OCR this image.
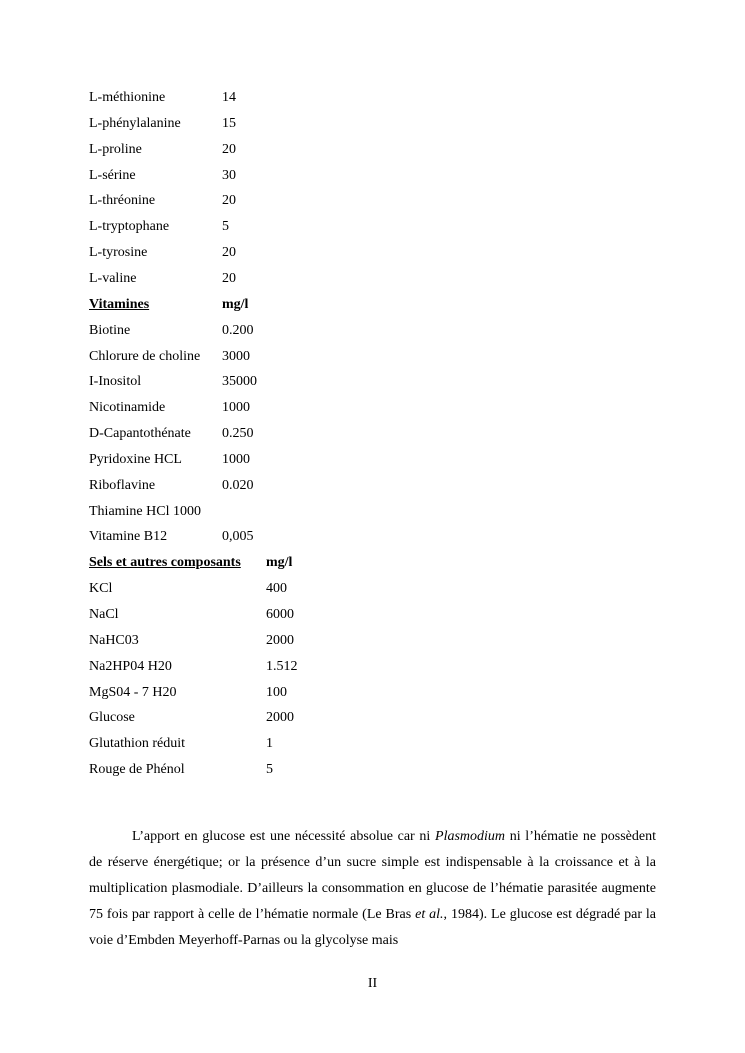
L-méthionine	14
L-phénylalanine	15
L-proline	20
L-sérine	30
L-thréonine	20
L-tryptophane	5
L-tyrosine	20
L-valine	20
Vitamines	mg/l
Biotine	0.200
Chlorure de choline 3000
I-Inositol	35000
Nicotinamide	1000
D-Capantothénate 0.250
Pyridoxine HCL	1000
Riboflavine	0.020
Thiamine HCl 1000
Vitamine B12	0,005
Sels et autres composants mg/l
KCl	400
NaCl	6000
NaHC03	2000
Na2HP04 H20	1.512
MgS04 - 7 H20	100
Glucose	2000
Glutathion réduit	1
Rouge de Phénol	5
L’apport en glucose est une nécessité absolue car ni Plasmodium ni l’hématie ne possèdent de réserve énergétique; or la présence d’un sucre simple est indispensable à la croissance et à la multiplication plasmodiale. D’ailleurs la consommation en glucose de l’hématie parasitée augmente 75 fois par rapport à celle de l’hématie normale (Le Bras et al., 1984). Le glucose est dégradé par la voie d’Embden Meyerhoff-Parnas ou la glycolyse mais
II
